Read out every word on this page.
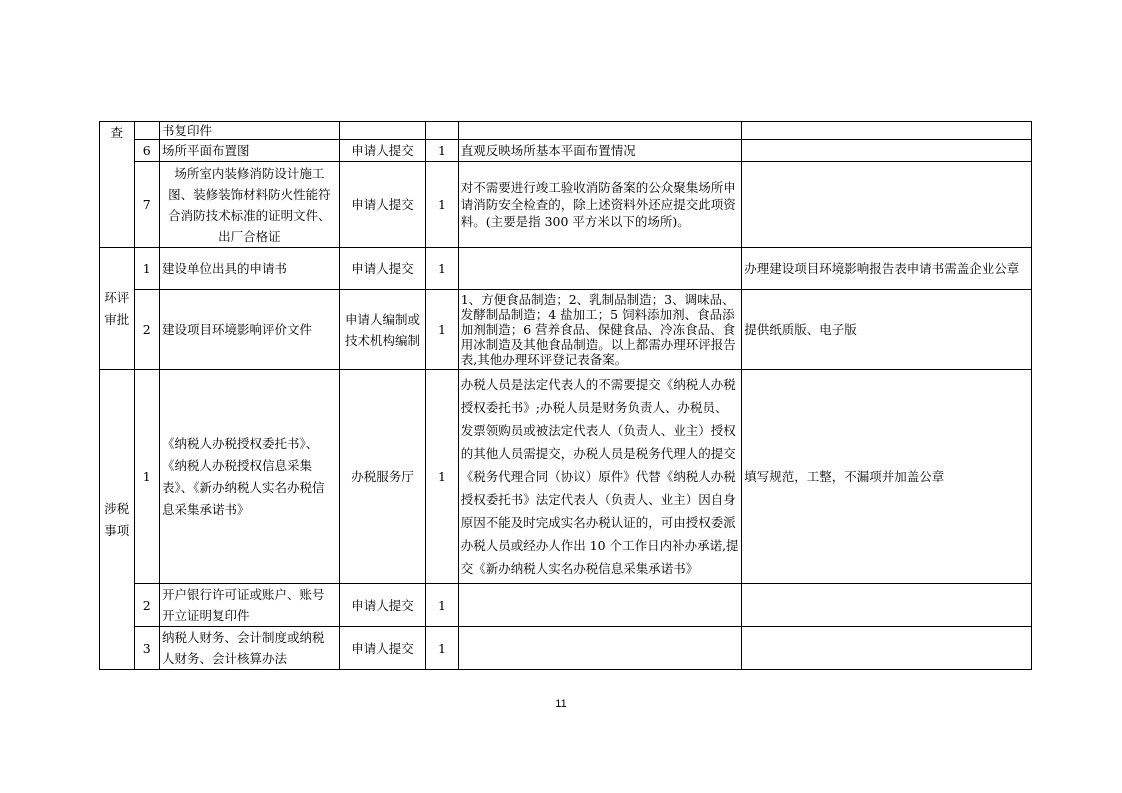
查		书复印件				
	6	场所平面布置图	申请人提交	1	直观反映场所基本平面布置情况	
	7	场所室内装修消防设计施工图、装修装饰材料防火性能符合消防技术标准的证明文件、出厂合格证	申请人提交	1	对不需要进行竣工验收消防备案的公众聚集场所申请消防安全检查的，除上述资料外还应提交此项资料。(主要是指 300 平方米以下的场所)。	
环评审批	1	建设单位出具的申请书	申请人提交	1		办理建设项目环境影响报告表申请书需盖企业公章
	2	建设项目环境影响评价文件	申请人编制或技术机构编制	1	1、方便食品制造；2、乳制品制造；3、调味品、发酵制品制造；4 盐加工；5 饲料添加剂、食品添加剂制造；6 营养食品、保健食品、冷冻食品、食用冰制造及其他食品制造。以上都需办理环评报告表,其他办理环评登记表备案。	提供纸质版、电子版
涉税事项	1	《纳税人办税授权委托书》、《纳税人办税授权信息采集表》、《新办纳税人实名办税信息采集承诺书》	办税服务厅	1	办税人员是法定代表人的不需要提交《纳税人办税授权委托书》;办税人员是财务负责人、办税员、发票领购员或被法定代表人（负责人、业主）授权的其他人员需提交，办税人员是税务代理人的提交《税务代理合同（协议）原件》代替《纳税人办税授权委托书》法定代表人（负责人、业主）因自身原因不能及时完成实名办税认证的，可由授权委派办税人员或经办人作出 10 个工作日内补办承诺,提交《新办纳税人实名办税信息采集承诺书》	填写规范，工整，不漏项并加盖公章
	2	开户银行许可证或账户、账号开立证明复印件	申请人提交	1		
	3	纳税人财务、会计制度或纳税人财务、会计核算办法	申请人提交	1		
11
